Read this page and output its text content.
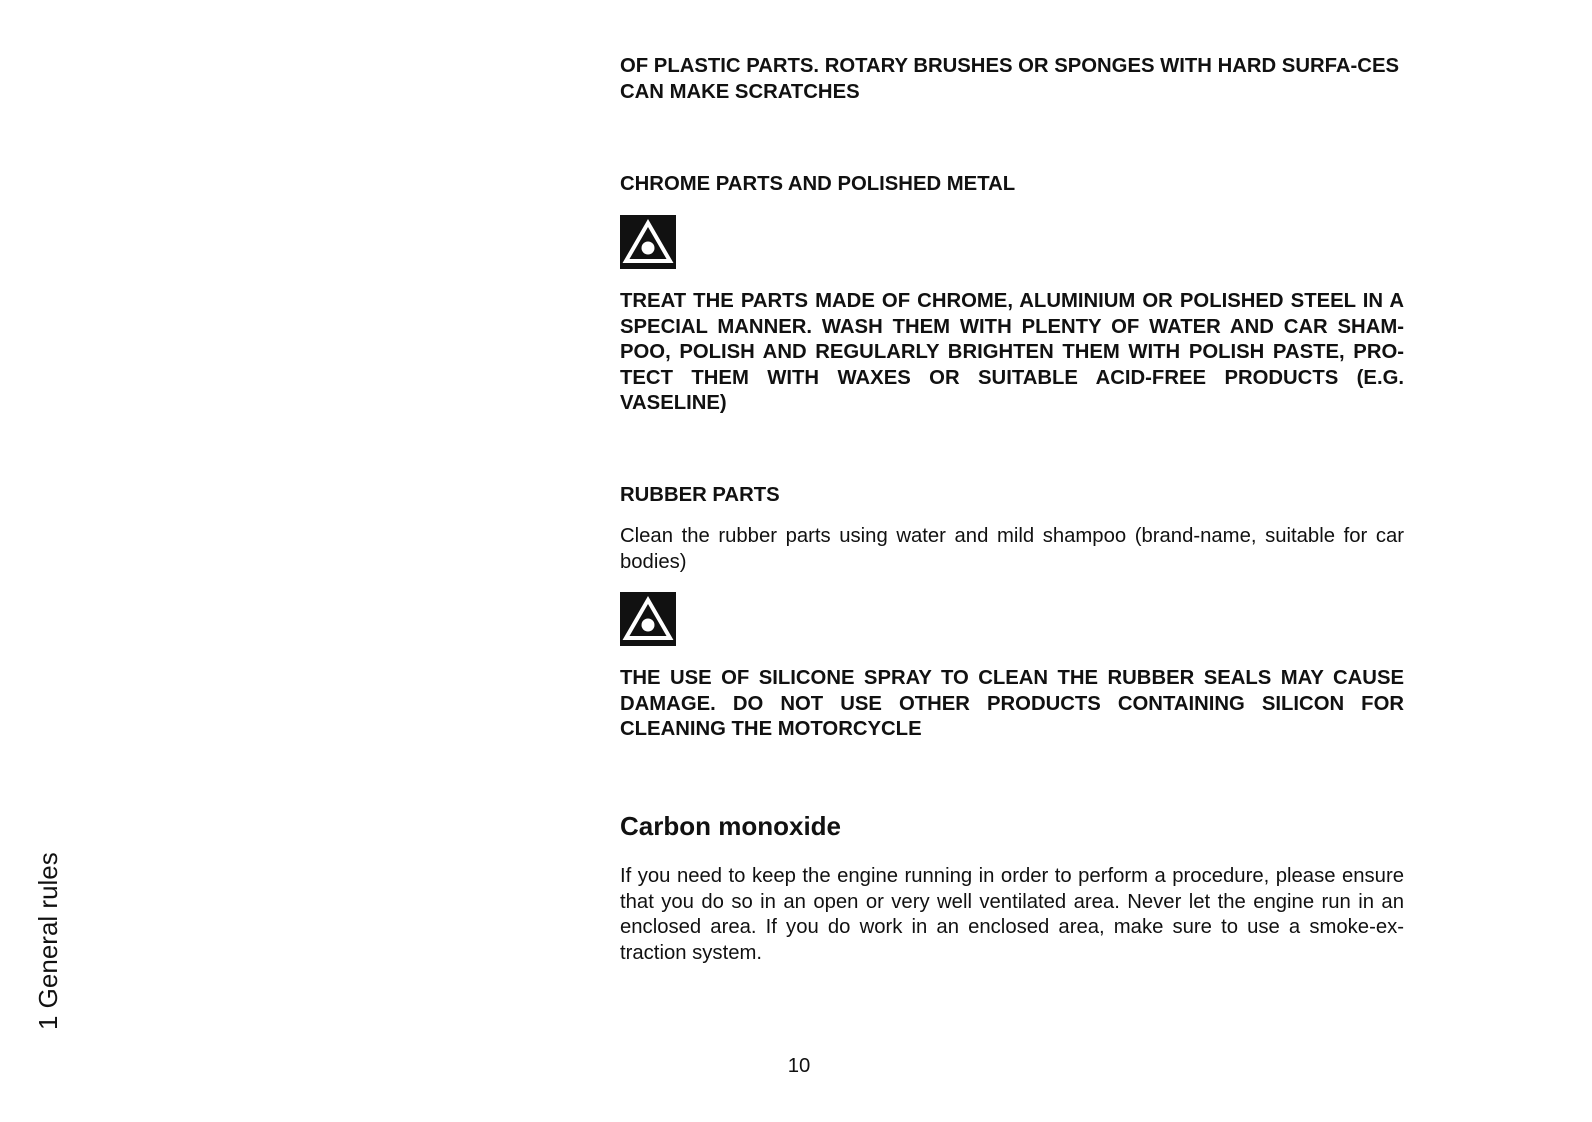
OF PLASTIC PARTS. ROTARY BRUSHES OR SPONGES WITH HARD SURFA-CES CAN MAKE SCRATCHES

CHROME PARTS AND POLISHED METAL

TREAT THE PARTS MADE OF CHROME, ALUMINIUM OR POLISHED STEEL IN A SPECIAL MANNER. WASH THEM WITH PLENTY OF WATER AND CAR SHAM-POO, POLISH AND REGULARLY BRIGHTEN THEM WITH POLISH PASTE, PRO-TECT THEM WITH WAXES OR SUITABLE ACID-FREE PRODUCTS (E.G. VASELINE)

RUBBER PARTS

Clean the rubber parts using water and mild shampoo (brand-name, suitable for car bodies)

THE USE OF SILICONE SPRAY TO CLEAN THE RUBBER SEALS MAY CAUSE DAMAGE. DO NOT USE OTHER PRODUCTS CONTAINING SILICON FOR CLEANING THE MOTORCYCLE

Carbon monoxide

If you need to keep the engine running in order to perform a procedure, please ensure that you do so in an open or very well ventilated area. Never let the engine run in an enclosed area. If you do work in an enclosed area, make sure to use a smoke-ex-traction system.

1 General rules
10
